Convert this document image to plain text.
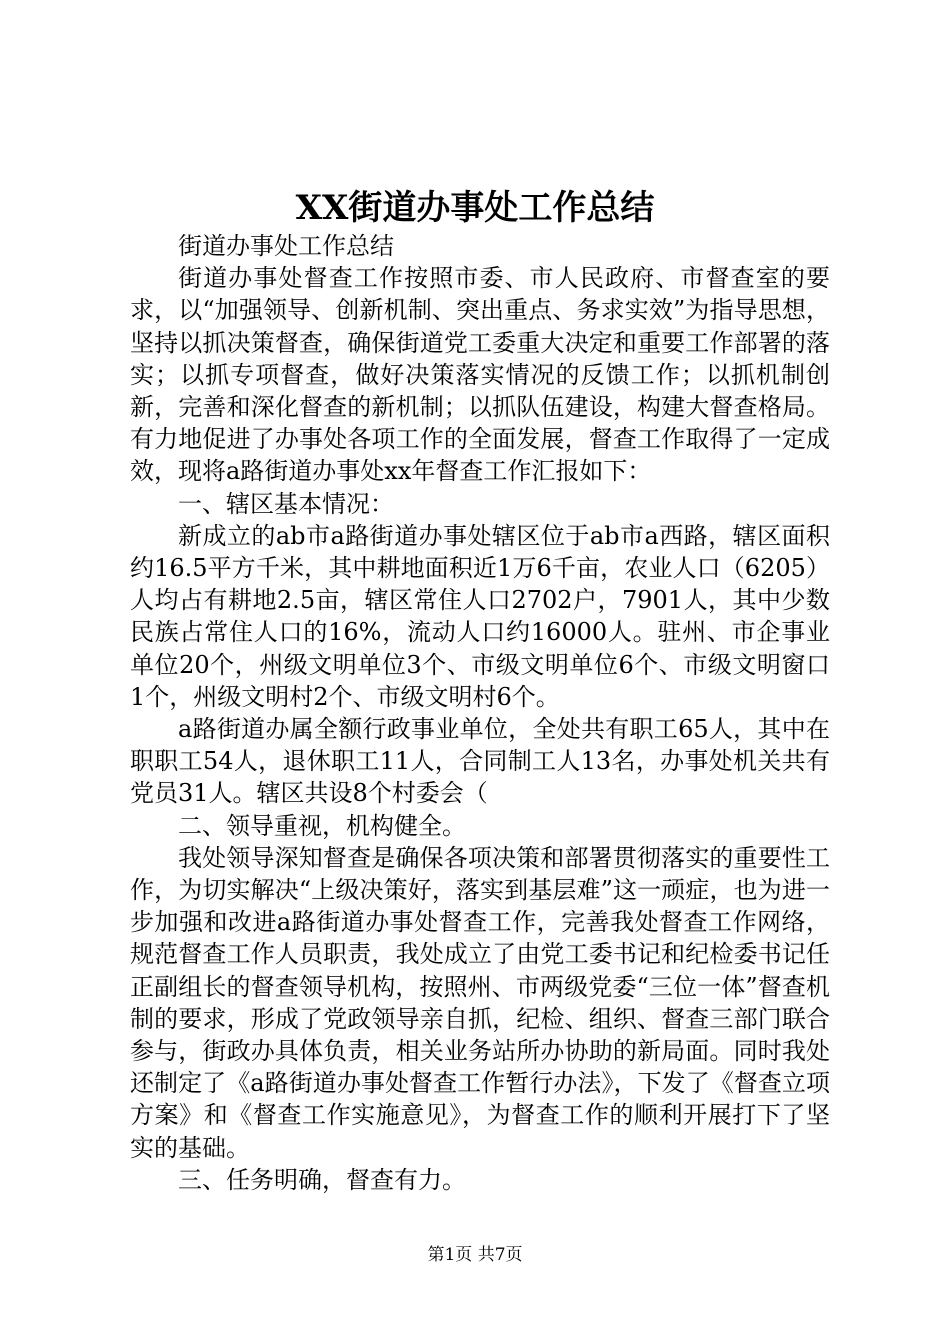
XX街道办事处工作总结

街道办事处工作总结

街道办事处督查工作按照市委、市人民政府、市督查室的要求，以“加强领导、创新机制、突出重点、务求实效”为指导思想，坚持以抓决策督查，确保街道党工委重大决定和重要工作部署的落实；以抓专项督查，做好决策落实情况的反馈工作；以抓机制创新，完善和深化督查的新机制；以抓队伍建设，构建大督查格局。有力地促进了办事处各项工作的全面发展，督查工作取得了一定成效，现将a路街道办事处xx年督查工作汇报如下：

一、辖区基本情况：

新成立的ab市a路街道办事处辖区位于ab市a西路，辖区面积约16.5平方千米，其中耕地面积近1万6千亩，农业人口（6205）人均占有耕地2.5亩，辖区常住人口2702户，7901人，其中少数民族占常住人口的16%，流动人口约16000人。驻州、市企事业单位20个，州级文明单位3个、市级文明单位6个、市级文明窗口1个，州级文明村2个、市级文明村6个。

a路街道办属全额行政事业单位，全处共有职工65人，其中在职职工54人，退休职工11人，合同制工人13名，办事处机关共有党员31人。辖区共设8个村委会（

二、领导重视，机构健全。

我处领导深知督查是确保各项决策和部署贯彻落实的重要性工作，为切实解决“上级决策好，落实到基层难”这一顽症，也为进一步加强和改进a路街道办事处督查工作，完善我处督查工作网络，规范督查工作人员职责，我处成立了由党工委书记和纪检委书记任正副组长的督查领导机构，按照州、市两级党委“三位一体”督查机制的要求，形成了党政领导亲自抓，纪检、组织、督查三部门联合参与，街政办具体负责，相关业务站所办协助的新局面。同时我处还制定了《a路街道办事处督查工作暂行办法》，下发了《督查立项方案》和《督查工作实施意见》，为督查工作的顺利开展打下了坚实的基础。

三、任务明确，督查有力。

第1页 共7页
